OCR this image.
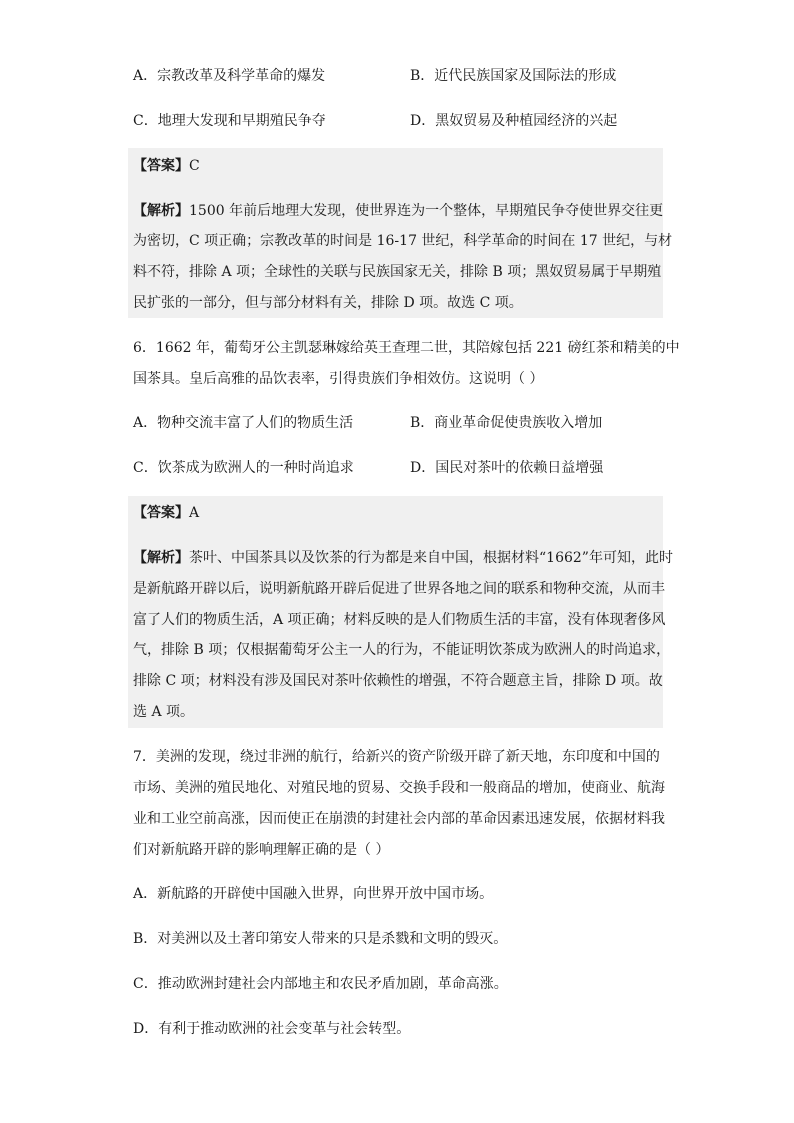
A．宗教改革及科学革命的爆发	B．近代民族国家及国际法的形成
C．地理大发现和早期殖民争夺	D．黑奴贸易及种植园经济的兴起
【答案】C
【解析】1500 年前后地理大发现，使世界连为一个整体，早期殖民争夺使世界交往更
为密切，C 项正确；宗教改革的时间是 16-17 世纪，科学革命的时间在 17 世纪，与材
料不符，排除 A 项；全球性的关联与民族国家无关，排除 B 项；黑奴贸易属于早期殖
民扩张的一部分，但与部分材料有关，排除 D 项。故选 C 项。
6．1662 年，葡萄牙公主凯瑟琳嫁给英王查理二世，其陪嫁包括 221 磅红茶和精美的中
国茶具。皇后高雅的品饮表率，引得贵族们争相效仿。这说明（ ）
A．物种交流丰富了人们的物质生活	B．商业革命促使贵族收入增加
C．饮茶成为欧洲人的一种时尚追求	D．国民对茶叶的依赖日益增强
【答案】A
【解析】茶叶、中国茶具以及饮茶的行为都是来自中国，根据材料“1662”年可知，此时
是新航路开辟以后，说明新航路开辟后促进了世界各地之间的联系和物种交流，从而丰
富了人们的物质生活，A 项正确；材料反映的是人们物质生活的丰富，没有体现奢侈风
气，排除 B 项；仅根据葡萄牙公主一人的行为，不能证明饮茶成为欧洲人的时尚追求，
排除 C 项；材料没有涉及国民对茶叶依赖性的增强，不符合题意主旨，排除 D 项。故
选 A 项。
7．美洲的发现，绕过非洲的航行，给新兴的资产阶级开辟了新天地，东印度和中国的
市场、美洲的殖民地化、对殖民地的贸易、交换手段和一般商品的增加，使商业、航海
业和工业空前高涨，因而使正在崩溃的封建社会内部的革命因素迅速发展，依据材料我
们对新航路开辟的影响理解正确的是（ ）
A．新航路的开辟使中国融入世界，向世界开放中国市场。
B．对美洲以及土著印第安人带来的只是杀戮和文明的毁灭。
C．推动欧洲封建社会内部地主和农民矛盾加剧，革命高涨。
D．有利于推动欧洲的社会变革与社会转型。
